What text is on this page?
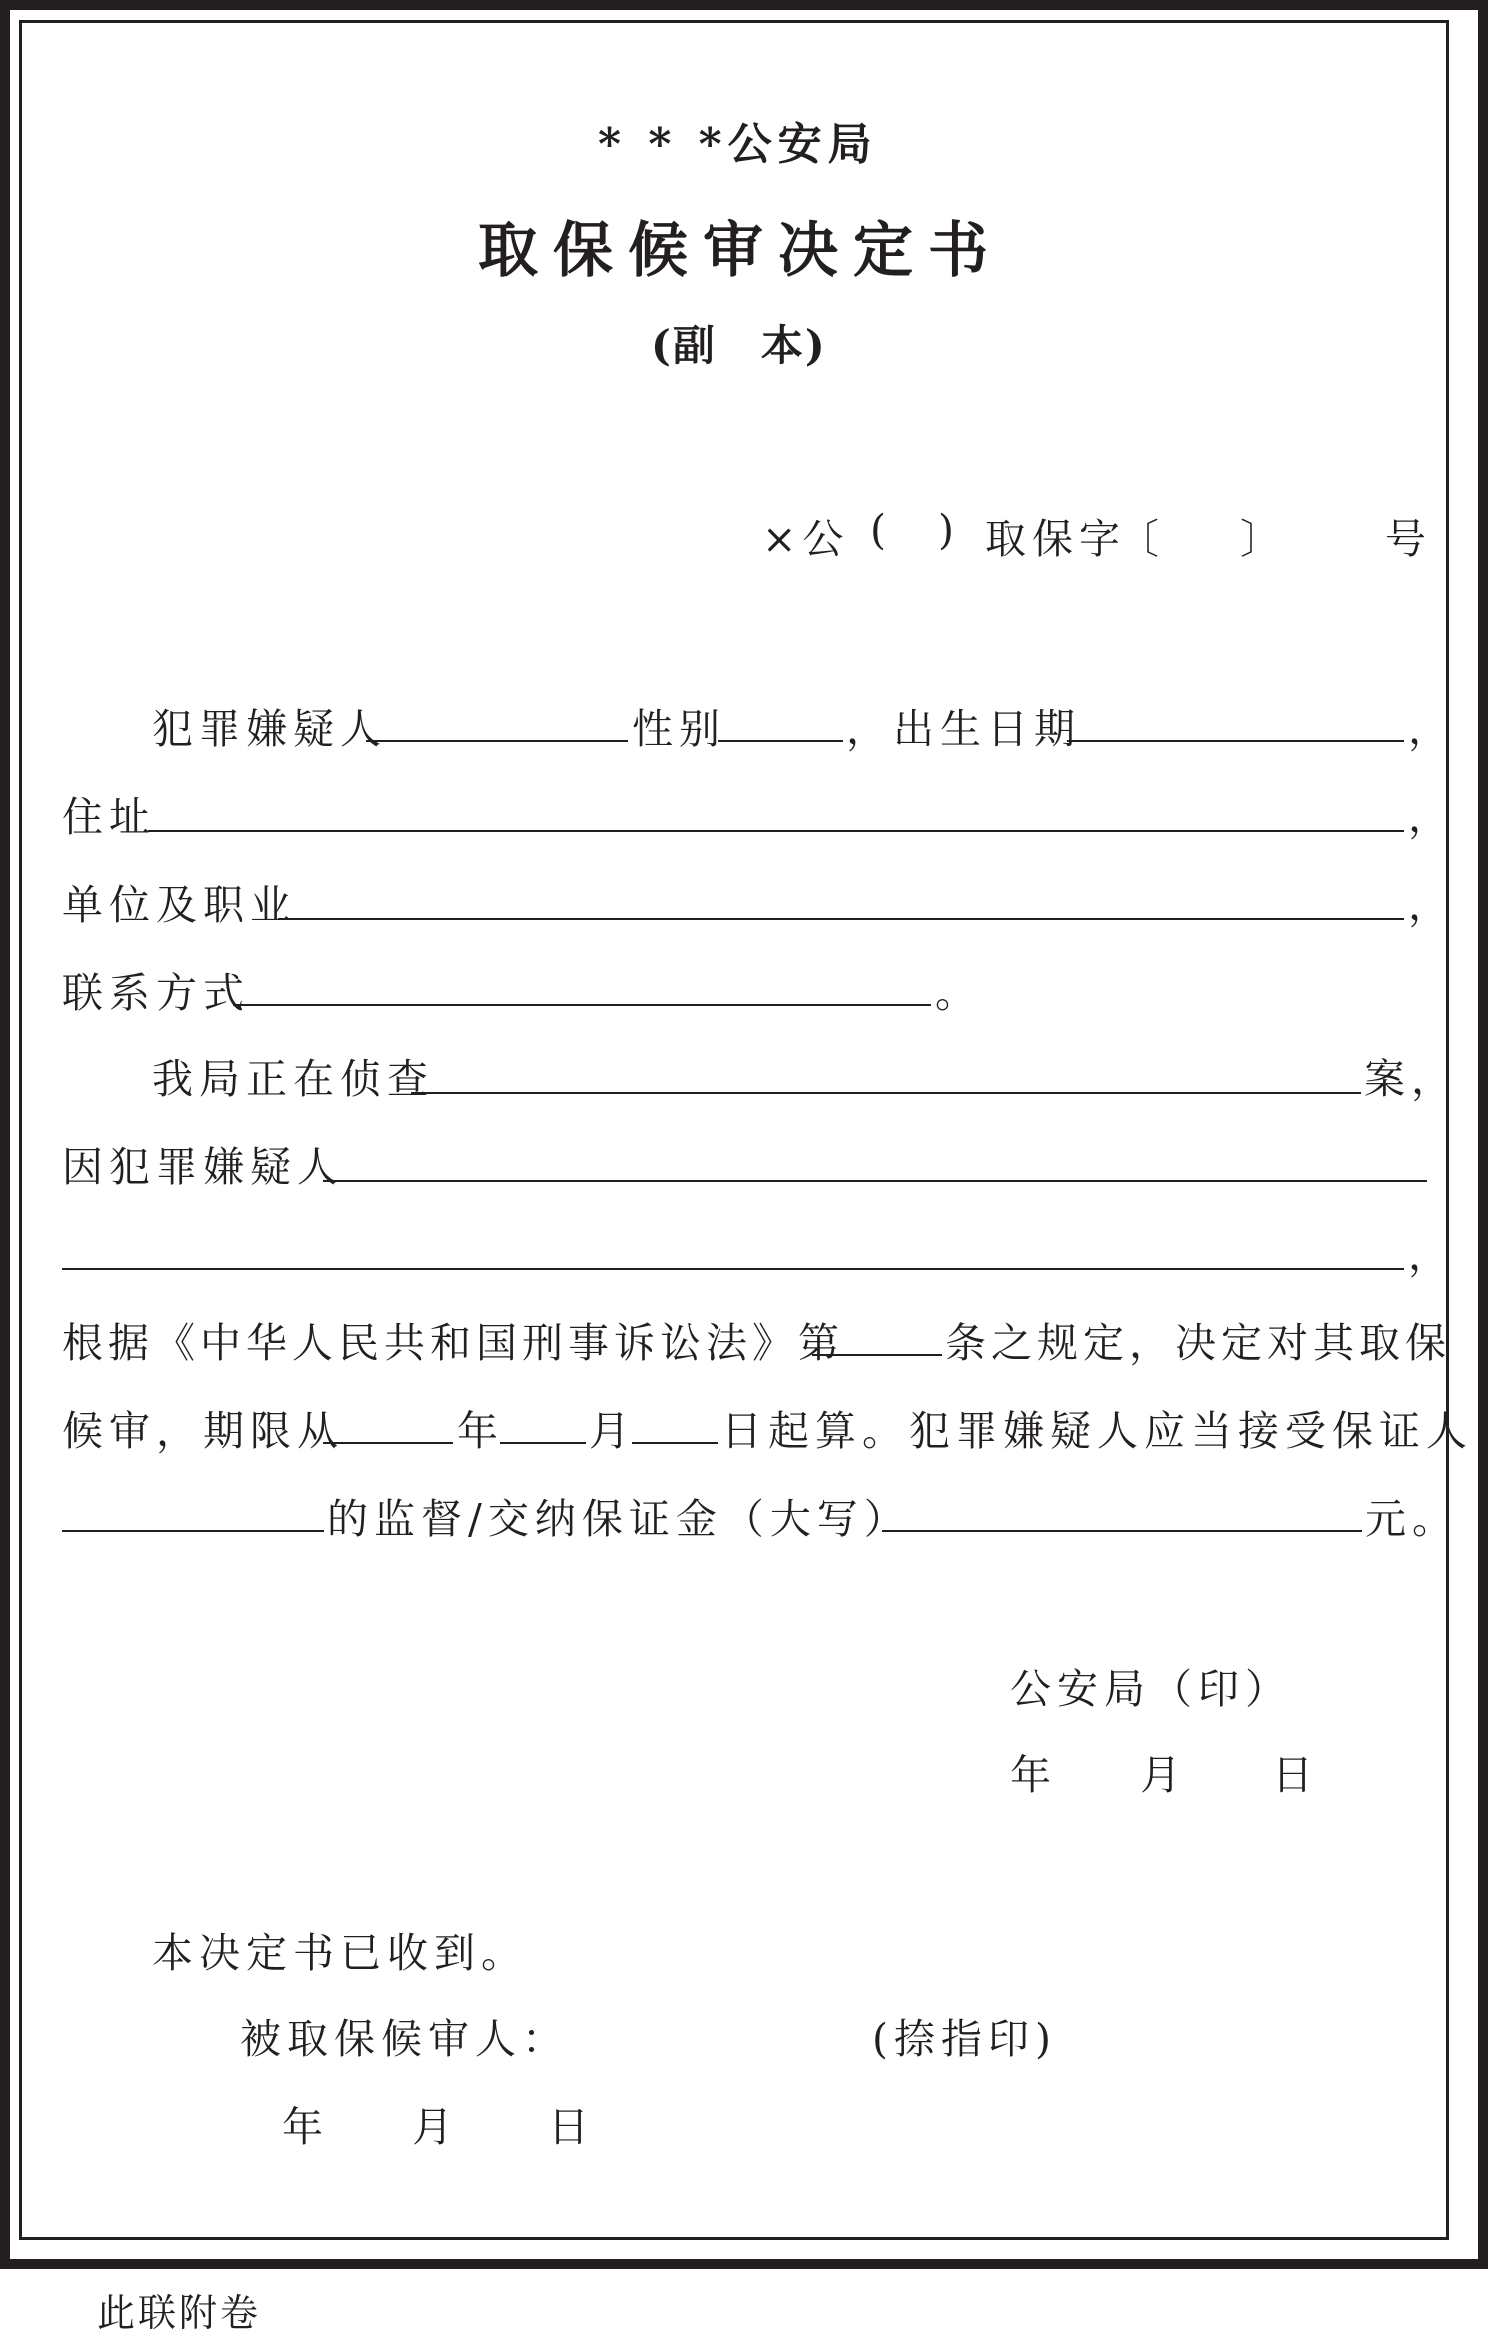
* * *公安局
取保候审决定书
(副　本)
×公 ( ) 取保字
〔 〕 号
犯罪嫌疑人	性别	，出生日期	，
住址	，
单位及职业	，
联系方式	。
我局正在侦查	案，
因犯罪嫌疑人
，
根据《中华人民共和国刑事诉讼法》第 条之规定，决定对其取保
候审，期限从	年 月 日起算。犯罪嫌疑人应当接受保证人
的监督/交纳保证金（大写）	元。
公安局（印）
年 月 日
本决定书已收到。
被取保候审人：	(捺指印)
年 月 日
此联附卷
